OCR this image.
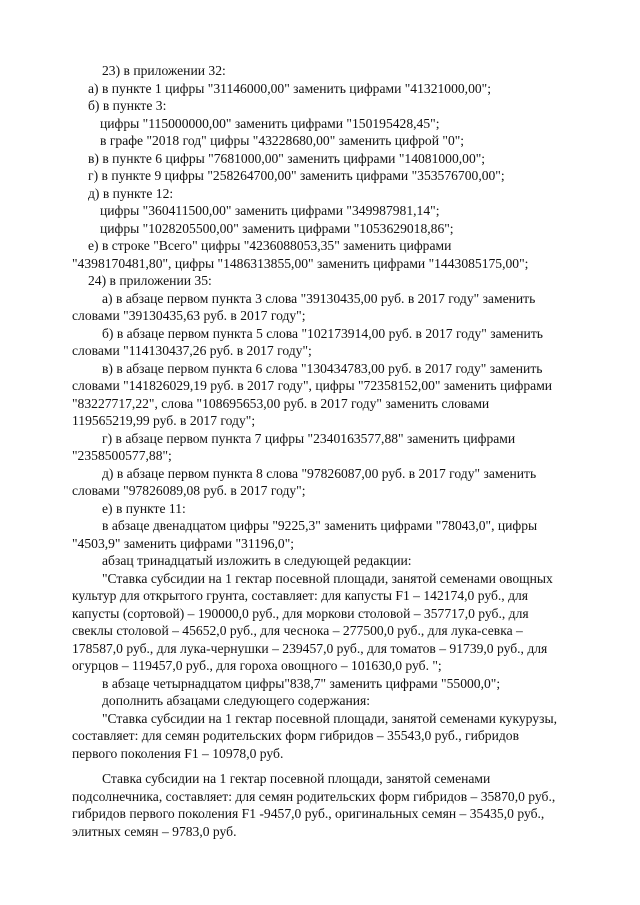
23) в приложении 32:
а) в пункте 1 цифры "31146000,00" заменить цифрами "41321000,00";
б) в пункте 3:
цифры "115000000,00" заменить цифрами "150195428,45";
в графе "2018 год" цифры "43228680,00" заменить цифрой "0";
в) в пункте 6 цифры "7681000,00" заменить цифрами "14081000,00";
г) в пункте 9 цифры "258264700,00" заменить цифрами "353576700,00";
д) в пункте 12:
цифры "360411500,00" заменить цифрами "349987981,14";
цифры "1028205500,00" заменить цифрами "1053629018,86";
е) в строке "Всего" цифры "4236088053,35" заменить цифрами
"4398170481,80", цифры "1486313855,00" заменить цифрами "1443085175,00";
24) в приложении 35:
а) в абзаце первом пункта 3 слова "39130435,00 руб. в 2017 году" заменить
словами "39130435,63 руб. в 2017 году";
б) в абзаце первом пункта 5 слова "102173914,00 руб. в 2017 году" заменить
словами "114130437,26 руб. в 2017 году";
в) в абзаце первом пункта 6 слова "130434783,00 руб. в 2017 году" заменить
словами "141826029,19 руб. в 2017 году", цифры "72358152,00" заменить цифрами
"83227717,22", слова "108695653,00 руб. в 2017 году" заменить словами
119565219,99 руб. в 2017 году";
г) в абзаце первом пункта 7 цифры "2340163577,88" заменить цифрами
"2358500577,88";
д) в абзаце первом пункта 8 слова "97826087,00 руб. в 2017 году" заменить
словами "97826089,08 руб. в 2017 году";
е) в пункте 11:
в абзаце двенадцатом цифры "9225,3" заменить цифрами "78043,0", цифры
"4503,9" заменить цифрами "31196,0";
абзац тринадцатый изложить в следующей редакции:
"Ставка субсидии на 1 гектар посевной площади, занятой семенами овощных
культур для открытого грунта, составляет: для капусты F1 – 142174,0 руб., для
капусты (сортовой) – 190000,0 руб., для моркови столовой – 357717,0 руб., для
свеклы столовой – 45652,0 руб., для чеснока – 277500,0 руб., для лука-севка –
178587,0 руб., для лука-чернушки – 239457,0 руб., для томатов – 91739,0 руб., для
огурцов – 119457,0 руб., для гороха овощного – 101630,0 руб. ";
в абзаце четырнадцатом цифры"838,7" заменить цифрами "55000,0";
дополнить абзацами следующего содержания:
"Ставка субсидии на 1 гектар посевной площади, занятой семенами кукурузы,
составляет: для семян родительских форм гибридов – 35543,0 руб., гибридов
первого поколения F1 – 10978,0 руб.
Ставка субсидии на 1 гектар посевной площади, занятой семенами
подсолнечника, составляет: для семян родительских форм гибридов – 35870,0 руб.,
гибридов первого поколения F1 -9457,0 руб., оригинальных семян – 35435,0 руб.,
элитных семян – 9783,0 руб.
